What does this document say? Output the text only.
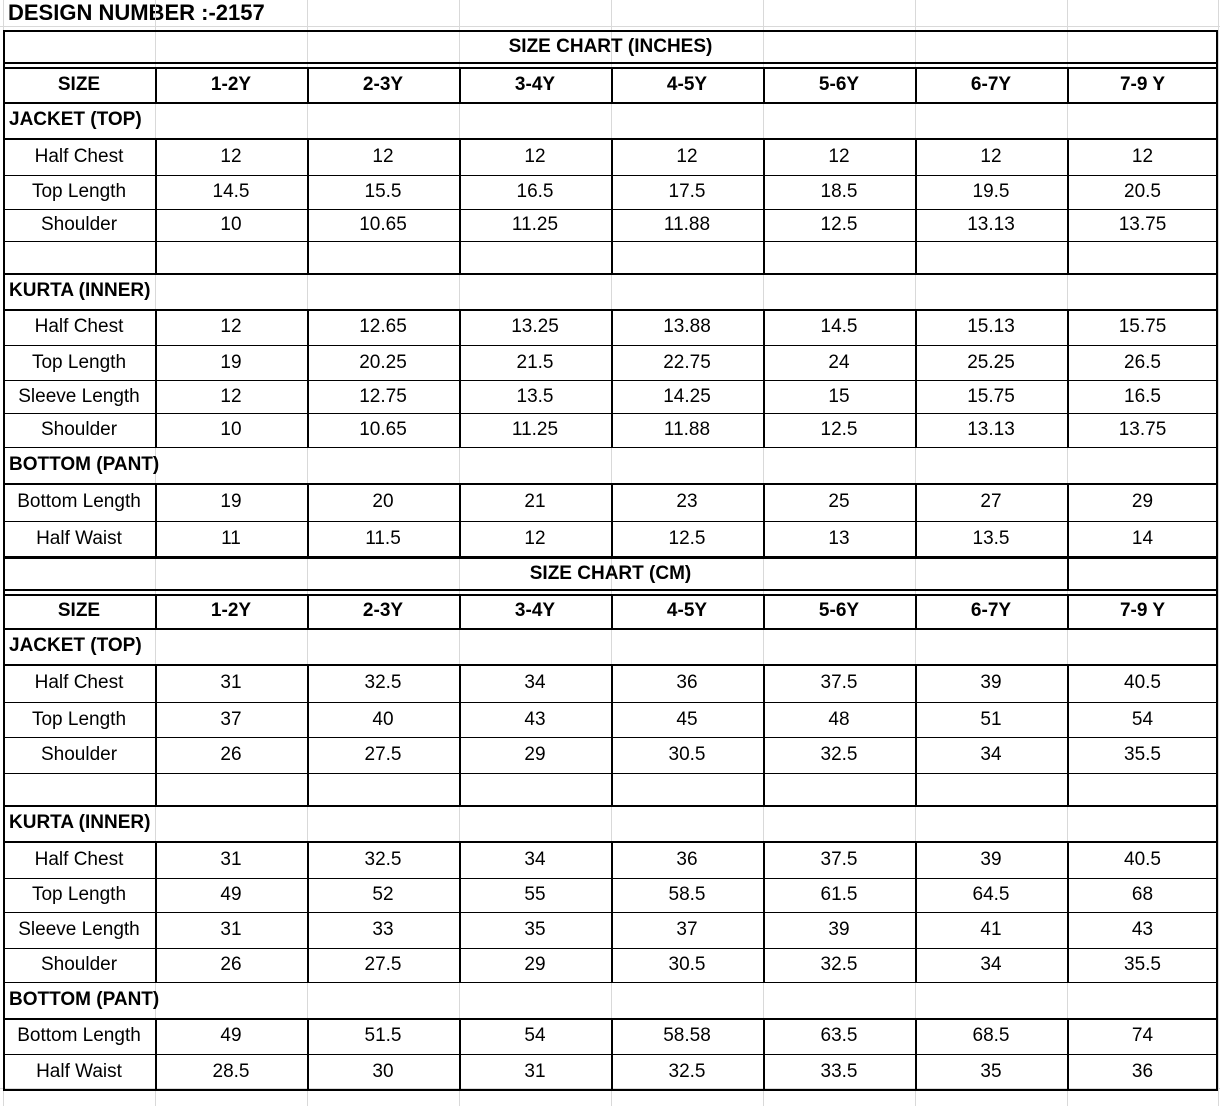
DESIGN NUMBER :-2157
SIZE CHART (INCHES)
SIZE	1-2Y	2-3Y	3-4Y	4-5Y	5-6Y	6-7Y	7-9 Y
JACKET (TOP)
Half Chest	12	12	12	12	12	12	12
Top Length	14.5	15.5	16.5	17.5	18.5	19.5	20.5
Shoulder	10	10.65	11.25	11.88	12.5	13.13	13.75
KURTA (INNER)
Half Chest	12	12.65	13.25	13.88	14.5	15.13	15.75
Top Length	19	20.25	21.5	22.75	24	25.25	26.5
Sleeve Length	12	12.75	13.5	14.25	15	15.75	16.5
Shoulder	10	10.65	11.25	11.88	12.5	13.13	13.75
BOTTOM (PANT)
Bottom Length	19	20	21	23	25	27	29
Half Waist	11	11.5	12	12.5	13	13.5	14
SIZE CHART (CM)
SIZE	1-2Y	2-3Y	3-4Y	4-5Y	5-6Y	6-7Y	7-9 Y
JACKET (TOP)
Half Chest	31	32.5	34	36	37.5	39	40.5
Top Length	37	40	43	45	48	51	54
Shoulder	26	27.5	29	30.5	32.5	34	35.5
KURTA (INNER)
Half Chest	31	32.5	34	36	37.5	39	40.5
Top Length	49	52	55	58.5	61.5	64.5	68
Sleeve Length	31	33	35	37	39	41	43
Shoulder	26	27.5	29	30.5	32.5	34	35.5
BOTTOM (PANT)
Bottom Length	49	51.5	54	58.58	63.5	68.5	74
Half Waist	28.5	30	31	32.5	33.5	35	36
